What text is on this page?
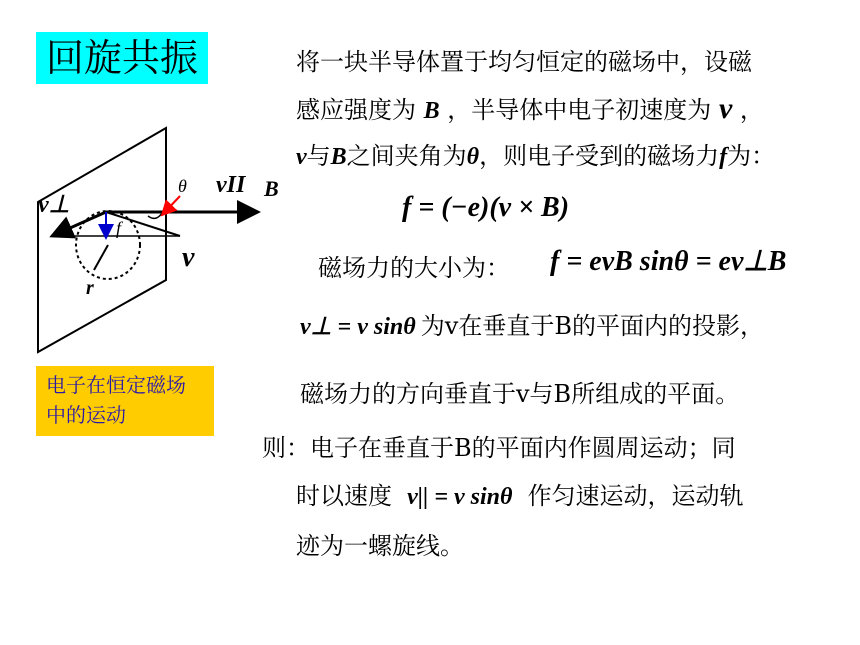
回旋共振
v⊥
vII B
θ
f
v
r
电子在恒定磁场中的运动
将一块半导体置于均匀恒定的磁场中，设磁
感应强度为 B ，半导体中电子初速度为 v ，
v与B之间夹角为θ，则电子受到的磁场力f为：
f = (−e)(v × B)
磁场力的大小为： f = evB sinθ = ev⊥B
v⊥ = v sinθ 为v在垂直于B的平面内的投影，
磁场力的方向垂直于v与B所组成的平面。
则：电子在垂直于B的平面内作圆周运动；同
时以速度 v|| = v sinθ 作匀速运动，运动轨
迹为一螺旋线。
